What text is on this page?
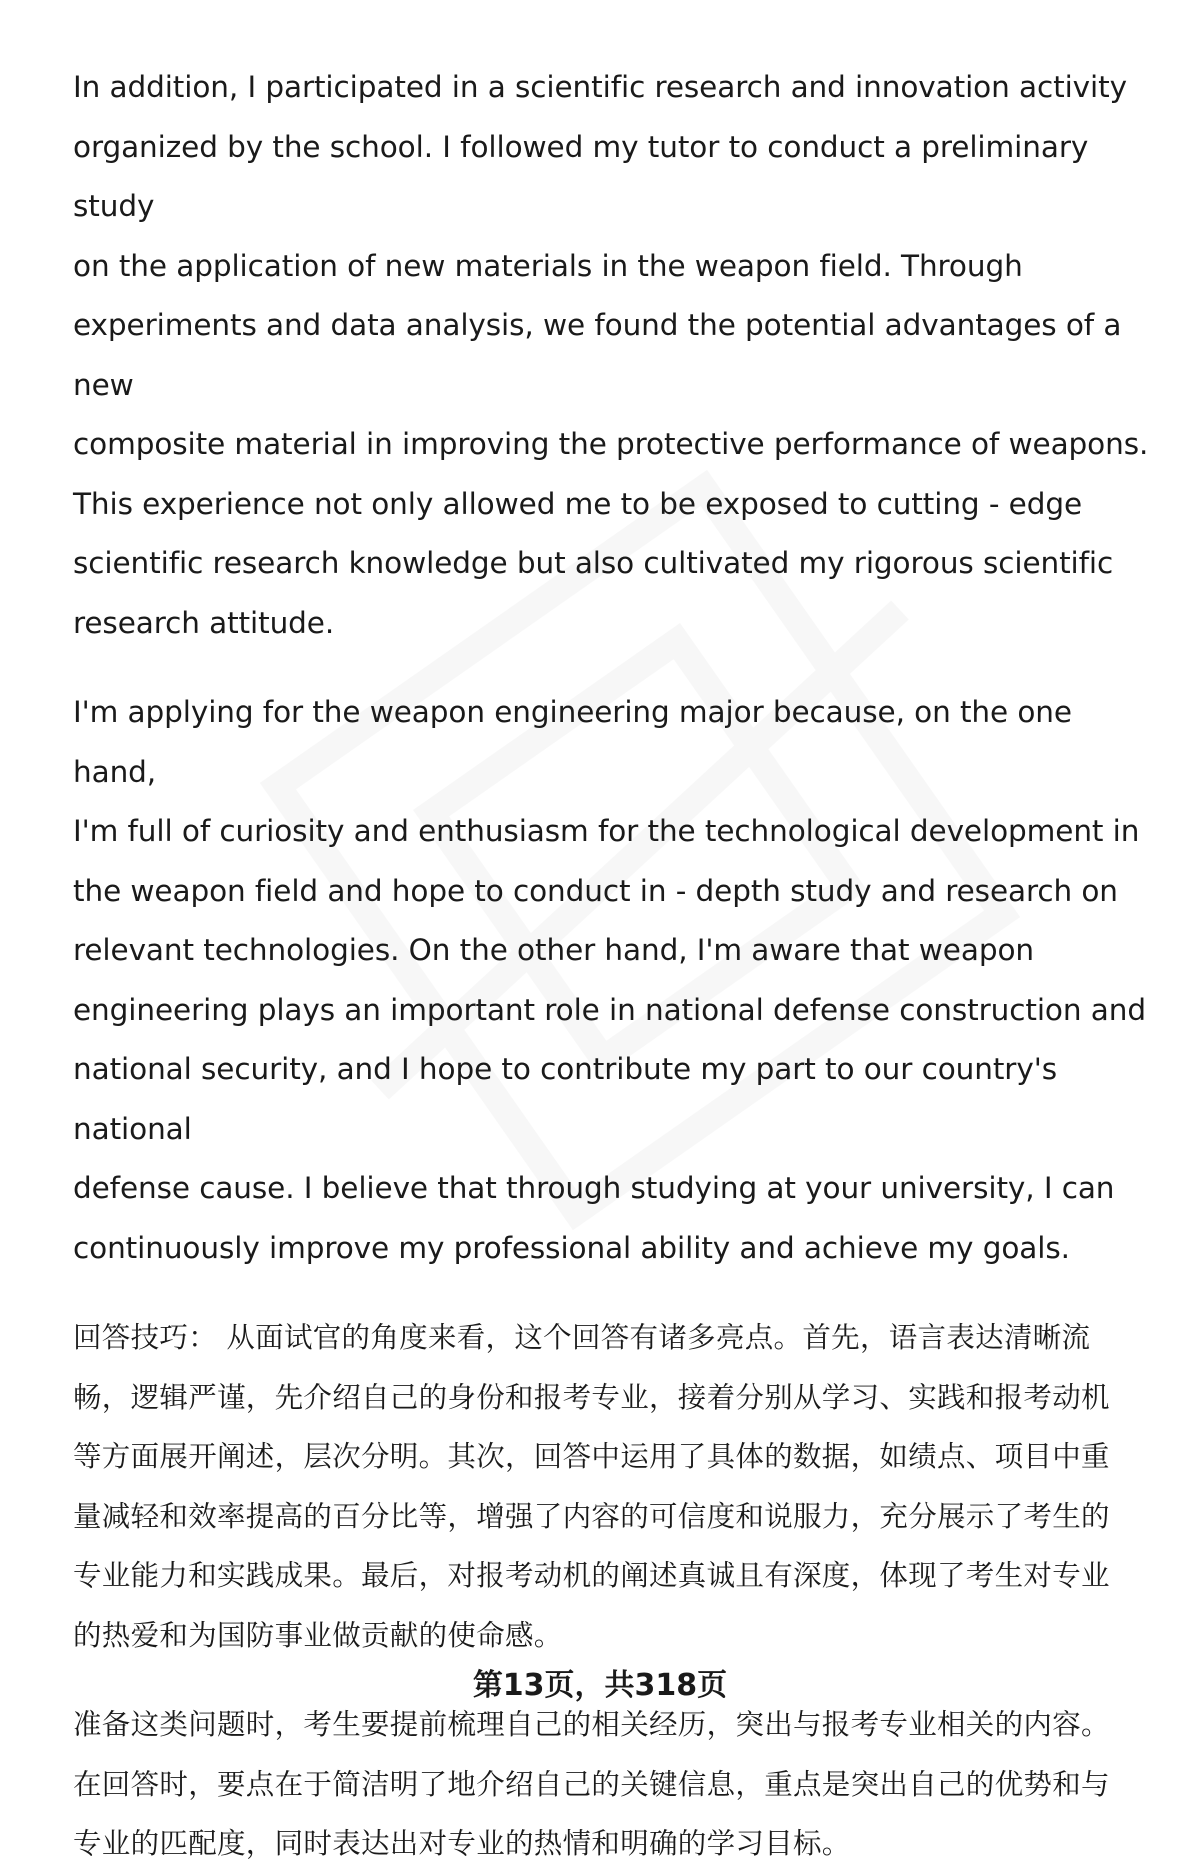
In addition, I participated in a scientific research and innovation activity
organized by the school. I followed my tutor to conduct a preliminary study
on the application of new materials in the weapon field. Through
experiments and data analysis, we found the potential advantages of a new
composite material in improving the protective performance of weapons.
This experience not only allowed me to be exposed to cutting - edge
scientific research knowledge but also cultivated my rigorous scientific
research attitude.
I'm applying for the weapon engineering major because, on the one hand,
I'm full of curiosity and enthusiasm for the technological development in
the weapon field and hope to conduct in - depth study and research on
relevant technologies. On the other hand, I'm aware that weapon
engineering plays an important role in national defense construction and
national security, and I hope to contribute my part to our country's national
defense cause. I believe that through studying at your university, I can
continuously improve my professional ability and achieve my goals.
回答技巧： 从面试官的角度来看，这个回答有诸多亮点。首先，语言表达清晰流
畅，逻辑严谨，先介绍自己的身份和报考专业，接着分别从学习、实践和报考动机
等方面展开阐述，层次分明。其次，回答中运用了具体的数据，如绩点、项目中重
量减轻和效率提高的百分比等，增强了内容的可信度和说服力，充分展示了考生的
专业能力和实践成果。最后，对报考动机的阐述真诚且有深度，体现了考生对专业
的热爱和为国防事业做贡献的使命感。
准备这类问题时，考生要提前梳理自己的相关经历，突出与报考专业相关的内容。
在回答时，要点在于简洁明了地介绍自己的关键信息，重点是突出自己的优势和与
专业的匹配度，同时表达出对专业的热情和明确的学习目标。
第13页，共318页
